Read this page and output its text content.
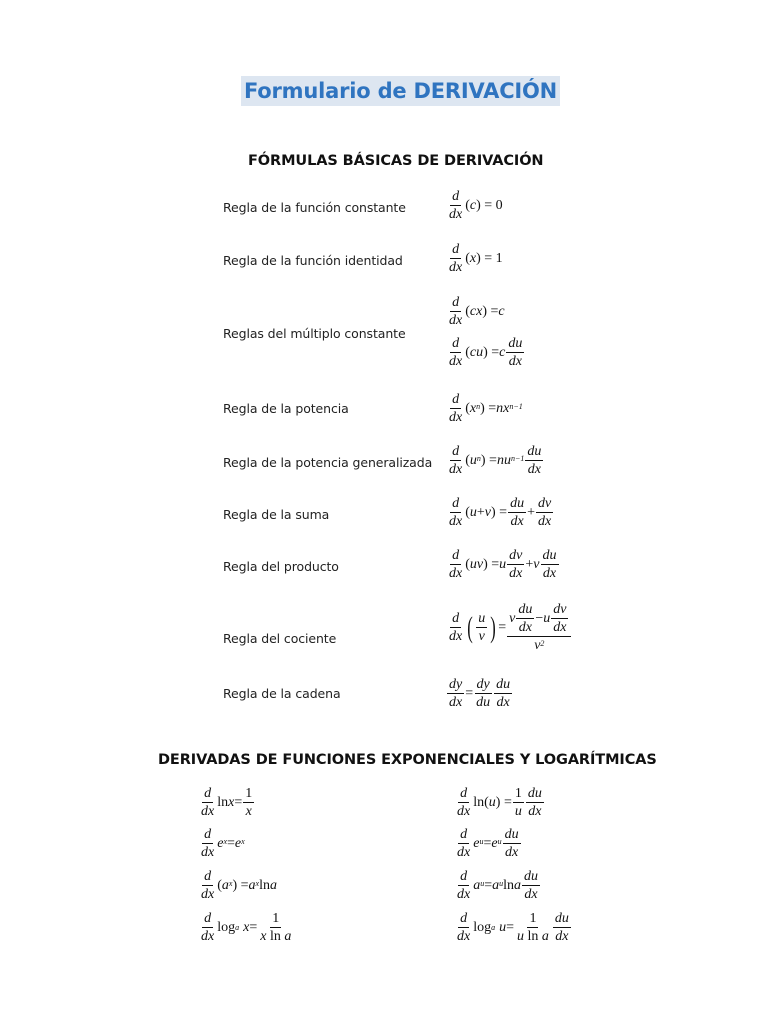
Formulario de DERIVACIÓN
FÓRMULAS BÁSICAS DE DERIVACIÓN
Regla de la función constante
Regla de la función identidad
Reglas del múltiplo constante
Regla de la potencia
Regla de la potencia generalizada
Regla de la suma
Regla del producto
Regla del cociente
Regla de la cadena
$\frac{d}{dx}$ ( c ) = 0
$\frac{d}{dx}$ ( x ) = 1
$\frac{d}{dx}$ ( cx ) = c
$\frac{d}{dx}$ ( cu ) = c $\frac{du}{dx}$
$\frac{d}{dx}$ ( $x^n$ ) = $nx^{n-1}$
$\frac{d}{dx}$ ( $u^n$ ) = $nu^{n-1} \frac{du}{dx}$
$\frac{d}{dx}$ ( u + v ) = $\frac{du}{dx} + \frac{dv}{dx}$
$\frac{d}{dx}$ ( uv ) = u $\frac{dv}{dx} + v \frac{du}{dx}$
$\frac{d}{dx}$ ( $\frac{u}{v}$ ) = $\frac{v \frac{du}{dx} - u \frac{dv}{dx}}{v^2}$
$\frac{dy}{dx} = \frac{dy}{du} \frac{du}{dx}$
DERIVADAS DE FUNCIONES EXPONENCIALES Y LOGARÍTMICAS
$\frac{d}{dx}$ $\ln x = \frac{1}{x}$
$\frac{d}{dx} e^x = e^x$
$\frac{d}{dx}$ ( $a^x$ ) = $a^x$ ln a
$\frac{d}{dx}$ log a $x = \frac{1}{\text{x ln a}}$
$\frac{d}{dx} \ln$( u ) = $\frac{1}{u} \frac{du}{dx}$
$\frac{d}{dx} e^u = e^u \frac{du}{dx}$
$\frac{d}{dx} a^u = a^u$ ln a $\frac{du}{dx}$
$\frac{d}{dx}$ log a $u = \frac{1}{\text{u ln a}} \frac{du}{dx}$
